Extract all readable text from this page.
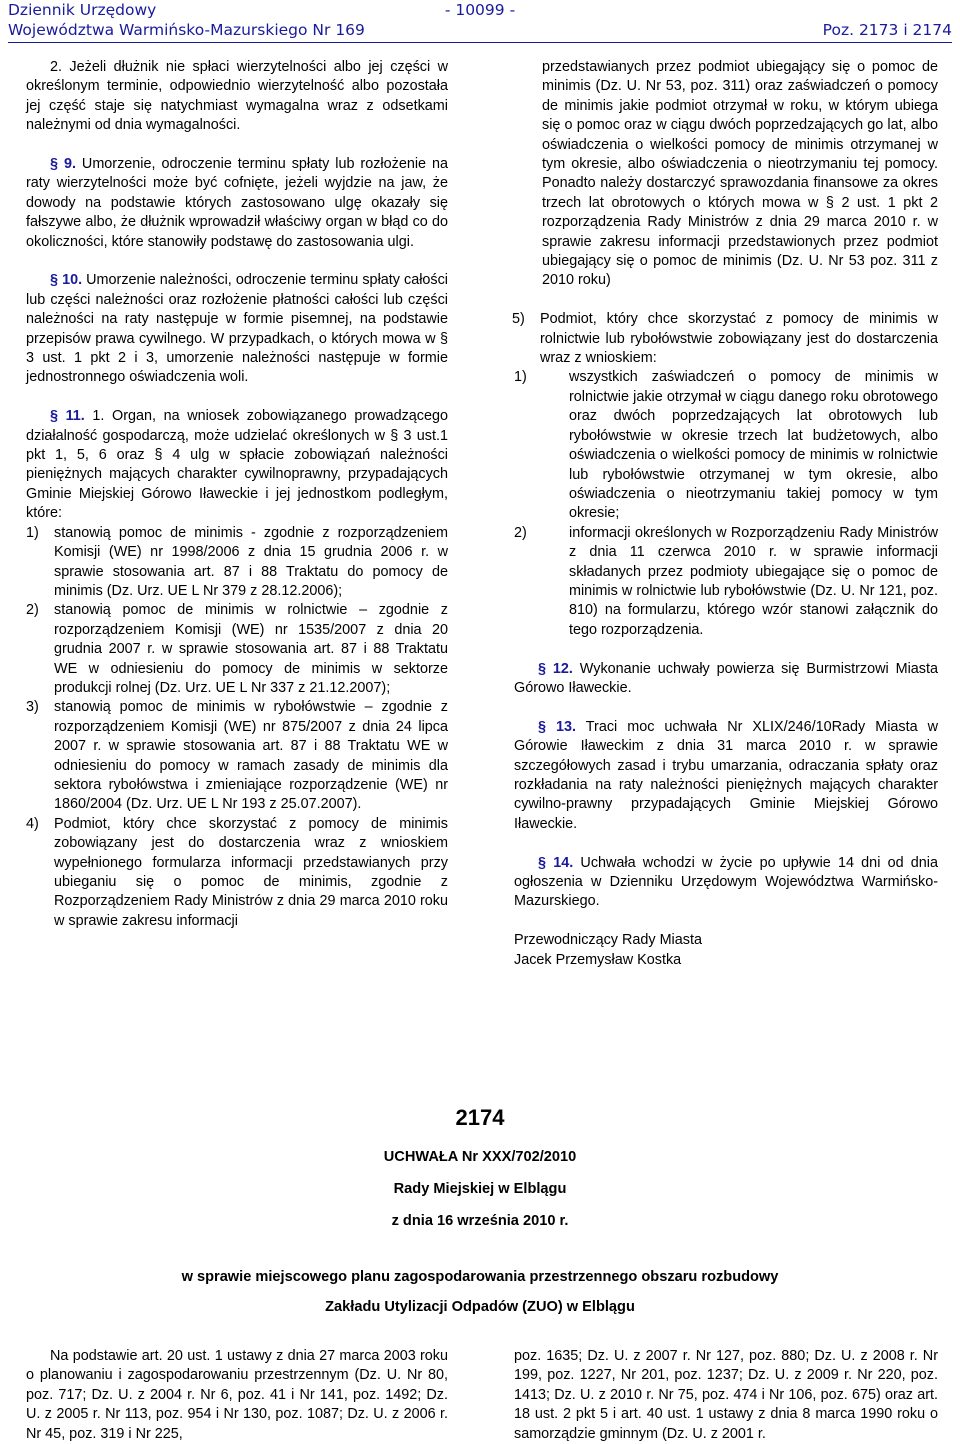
Dziennik Urzędowy	- 10099 -
Województwa Warmińsko-Mazurskiego Nr 169	Poz. 2173 i 2174

2. Jeżeli dłużnik nie spłaci wierzytelności albo jej części w określonym terminie, odpowiednio wierzytelność albo pozostała jej część staje się natychmiast wymagalna wraz z odsetkami należnymi od dnia wymagalności.

§ 9. Umorzenie, odroczenie terminu spłaty lub rozłożenie na raty wierzytelności może być cofnięte, jeżeli wyjdzie na jaw, że dowody na podstawie których zastosowano ulgę okazały się fałszywe albo, że dłużnik wprowadził właściwy organ w błąd co do okoliczności, które stanowiły podstawę do zastosowania ulgi.

§ 10. Umorzenie należności, odroczenie terminu spłaty całości lub części należności oraz rozłożenie płatności całości lub części należności na raty następuje w formie pisemnej, na podstawie przepisów prawa cywilnego. W przypadkach, o których mowa w § 3 ust. 1 pkt 2 i 3, umorzenie należności następuje w formie jednostronnego oświadczenia woli.

§ 11. 1. Organ, na wniosek zobowiązanego prowadzącego działalność gospodarczą, może udzielać określonych w § 3 ust.1 pkt 1, 5, 6 oraz § 4 ulg w spłacie zobowiązań należności pieniężnych mających charakter cywilnoprawny, przypadających Gminie Miejskiej Górowo Iławeckie i jej jednostkom podległym, które:

1)	stanowią pomoc de minimis - zgodnie z rozporządzeniem Komisji (WE) nr 1998/2006 z dnia 15 grudnia 2006 r. w sprawie stosowania art. 87 i 88 Traktatu do pomocy de minimis (Dz. Urz. UE L Nr 379 z 28.12.2006);
2)	stanowią pomoc de minimis w rolnictwie – zgodnie z rozporządzeniem Komisji (WE) nr 1535/2007 z dnia 20 grudnia 2007 r. w sprawie stosowania art. 87 i 88 Traktatu WE w odniesieniu do pomocy de minimis w sektorze produkcji rolnej (Dz. Urz. UE L Nr 337 z 21.12.2007);
3)	stanowią pomoc de minimis w rybołówstwie – zgodnie z rozporządzeniem Komisji (WE) nr 875/2007 z dnia 24 lipca 2007 r. w sprawie stosowania art. 87 i 88 Traktatu WE w odniesieniu do pomocy w ramach zasady de minimis dla sektora rybołówstwa i zmieniające rozporządzenie (WE) nr 1860/2004 (Dz. Urz. UE L Nr 193 z 25.07.2007).
4)	Podmiot, który chce skorzystać z pomocy de minimis zobowiązany jest do dostarczenia wraz z wnioskiem wypełnionego formularza informacji przedstawianych przy ubieganiu się o pomoc de minimis, zgodnie z Rozporządzeniem Rady Ministrów z dnia 29 marca 2010 roku w sprawie zakresu informacji

przedstawianych przez podmiot ubiegający się o pomoc de minimis (Dz. U. Nr 53, poz. 311) oraz zaświadczeń o pomocy de minimis jakie podmiot otrzymał w roku, w którym ubiega się o pomoc oraz w ciągu dwóch poprzedzających go lat, albo oświadczenia o wielkości pomocy de minimis otrzymanej w tym okresie, albo oświadczenia o nieotrzymaniu tej pomocy. Ponadto należy dostarczyć sprawozdania finansowe za okres trzech lat obrotowych o których mowa w § 2 ust. 1 pkt 2 rozporządzenia Rady Ministrów z dnia 29 marca 2010 r. w sprawie zakresu informacji przedstawionych przez podmiot ubiegający się o pomoc de minimis (Dz. U. Nr 53 poz. 311 z 2010 roku)

5)	Podmiot, który chce skorzystać z pomocy de minimis w rolnictwie lub rybołówstwie zobowiązany jest do dostarczenia wraz z wnioskiem:
1)	wszystkich zaświadczeń o pomocy de minimis w rolnictwie jakie otrzymał w ciągu danego roku obrotowego oraz dwóch poprzedzających lat obrotowych lub rybołówstwie w okresie trzech lat budżetowych, albo oświadczenia o wielkości pomocy de minimis w rolnictwie lub rybołówstwie otrzymanej w tym okresie, albo oświadczenia o nieotrzymaniu takiej pomocy w tym okresie;
2)	informacji określonych w Rozporządzeniu Rady Ministrów z dnia 11 czerwca 2010 r. w sprawie informacji składanych przez podmioty ubiegające się o pomoc de minimis w rolnictwie lub rybołówstwie (Dz. U. Nr 121, poz. 810) na formularzu, którego wzór stanowi załącznik do tego rozporządzenia.

§ 12. Wykonanie uchwały powierza się Burmistrzowi Miasta Górowo Iławeckie.

§ 13. Traci moc uchwała Nr XLIX/246/10Rady Miasta w Górowie Iławeckim z dnia 31 marca 2010 r. w sprawie szczegółowych zasad i trybu umarzania, odraczania spłaty oraz rozkładania na raty należności pieniężnych mających charakter cywilno-prawny przypadających Gminie Miejskiej Górowo Iławeckie.

§ 14. Uchwała wchodzi w życie po upływie 14 dni od dnia ogłoszenia w Dzienniku Urzędowym Województwa Warmińsko-Mazurskiego.

Przewodniczący Rady Miasta

Jacek Przemysław Kostka

2174
UCHWAŁA Nr XXX/702/2010
Rady Miejskiej w Elblągu
z dnia 16 września 2010 r.
w sprawie miejscowego planu zagospodarowania przestrzennego obszaru rozbudowy
Zakładu Utylizacji Odpadów (ZUO) w Elblągu

Na podstawie art. 20 ust. 1 ustawy z dnia 27 marca 2003 roku o planowaniu i zagospodarowaniu przestrzennym (Dz. U. Nr 80, poz. 717; Dz. U. z 2004 r. Nr 6, poz. 41 i Nr 141, poz. 1492; Dz. U. z 2005 r. Nr 113, poz. 954 i Nr 130, poz. 1087; Dz. U. z 2006 r. Nr 45, poz. 319 i Nr 225,

poz. 1635; Dz. U. z 2007 r. Nr 127, poz. 880; Dz. U. z 2008 r. Nr 199, poz. 1227, Nr 201, poz. 1237; Dz. U. z 2009 r. Nr 220, poz. 1413; Dz. U. z 2010 r. Nr 75, poz. 474 i Nr 106, poz. 675) oraz art. 18 ust. 2 pkt 5 i art. 40 ust. 1 ustawy z dnia 8 marca 1990 roku o samorządzie gminnym (Dz. U. z 2001 r.
